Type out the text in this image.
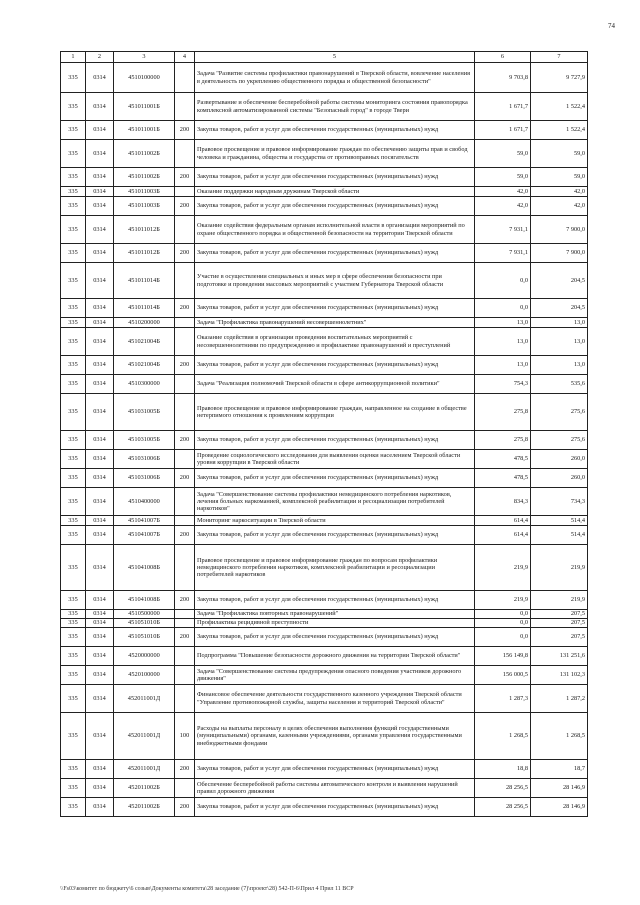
74
1	2	3	4	5	6	7
335	0314	4510100000		Задача "Развитие системы профилактики правонарушений в Тверской области, вовлечение населения в деятельность по укреплению общественного порядка и общественной безопасности"	9 703,8	9 727,9
335	0314	451011001Б		Развертывание и обеспечение бесперебойной работы системы мониторинга состояния правопорядка комплексной автоматизированной системы "Безопасный город" в городе Твери	1 671,7	1 522,4
335	0314	451011001Б	200	Закупка товаров, работ и услуг для обеспечения государственных (муниципальных) нужд	1 671,7	1 522,4
335	0314	451011002Б		Правовое просвещение и правовое информирование граждан по обеспечению защиты прав и свобод человека и гражданина, общества и государства от противоправных посягательств	59,0	59,0
335	0314	451011002Б	200	Закупка товаров, работ и услуг для обеспечения государственных (муниципальных) нужд	59,0	59,0
335	0314	451011003Б		Оказание поддержки народным дружинам Тверской области	42,0	42,0
335	0314	451011003Б	200	Закупка товаров, работ и услуг для обеспечения государственных (муниципальных) нужд	42,0	42,0
335	0314	451011012Б		Оказание содействия федеральным органам исполнительной власти в организации мероприятий по охране общественного порядка и общественной безопасности на территории Тверской области	7 931,1	7 900,0
335	0314	451011012Б	200	Закупка товаров, работ и услуг для обеспечения государственных (муниципальных) нужд	7 931,1	7 900,0
335	0314	451011014Б		Участие в осуществлении специальных и иных мер в сфере обеспечения безопасности при подготовке и проведении массовых мероприятий с участием Губернатора Тверской области	0,0	204,5
335	0314	451011014Б	200	Закупка товаров, работ и услуг для обеспечения государственных (муниципальных) нужд	0,0	204,5
335	0314	4510200000		Задача "Профилактика правонарушений несовершеннолетних"	13,0	13,0
335	0314	451021004Б		Оказание содействия в организации проведения воспитательных мероприятий с несовершеннолетними по предупреждению и профилактике правонарушений и преступлений	13,0	13,0
335	0314	451021004Б	200	Закупка товаров, работ и услуг для обеспечения государственных (муниципальных) нужд	13,0	13,0
335	0314	4510300000		Задача "Реализация полномочий Тверской области в сфере антикоррупционной политики"	754,3	535,6
335	0314	451031005Б		Правовое просвещение и правовое информирование граждан, направленное на создание в обществе нетерпимого отношения к проявлениям коррупции	275,8	275,6
335	0314	451031005Б	200	Закупка товаров, работ и услуг для обеспечения государственных (муниципальных) нужд	275,8	275,6
335	0314	451031006Б		Проведение социологического исследования для выявления оценки населением Тверской области уровня коррупции в Тверской области	478,5	260,0
335	0314	451031006Б	200	Закупка товаров, работ и услуг для обеспечения государственных (муниципальных) нужд	478,5	260,0
335	0314	4510400000		Задача "Совершенствование системы профилактики немедицинского потребления наркотиков, лечения больных наркоманией, комплексной реабилитации и ресоциализации потребителей наркотиков"	834,3	734,3
335	0314	451041007Б		Мониторинг наркоситуации в Тверской области	614,4	514,4
335	0314	451041007Б	200	Закупка товаров, работ и услуг для обеспечения государственных (муниципальных) нужд	614,4	514,4
335	0314	451041008Б		Правовое просвещение и правовое информирование граждан по вопросам профилактики немедицинского потребления наркотиков, комплексной реабилитации и ресоциализации потребителей наркотиков	219,9	219,9
335	0314	451041008Б	200	Закупка товаров, работ и услуг для обеспечения государственных (муниципальных) нужд	219,9	219,9
335	0314	4510500000		Задача "Профилактика повторных правонарушений"	0,0	207,5
335	0314	451051010Б		Профилактика рецидивной преступности	0,0	207,5
335	0314	451051010Б	200	Закупка товаров, работ и услуг для обеспечения государственных (муниципальных) нужд	0,0	207,5
335	0314	4520000000		Подпрограмма "Повышение безопасности дорожного движения на территории Тверской области"	156 149,8	131 251,6
335	0314	4520100000		Задача "Совершенствование системы предупреждения опасного поведения участников дорожного движения"	156 000,5	131 102,3
335	0314	452011001Д		Финансовое обеспечение деятельности государственного казенного учреждения Тверской области "Управление противопожарной службы, защиты населения и территорий Тверской области"	1 287,3	1 287,2
335	0314	452011001Д	100	Расходы на выплаты персоналу в целях обеспечения выполнения функций государственными (муниципальными) органами, казенными учреждениями, органами управления государственными внебюджетными фондами	1 268,5	1 268,5
335	0314	452011001Д	200	Закупка товаров, работ и услуг для обеспечения государственных (муниципальных) нужд	18,8	18,7
335	0314	452011002Б		Обеспечение бесперебойной работы системы автоматического контроля и выявления нарушений правил дорожного движения	28 256,5	28 146,9
335	0314	452011002Б	200	Закупка товаров, работ и услуг для обеспечения государственных (муниципальных) нужд	28 256,5	28 146,9
\\Fs03\комитет по бюджету\6 созыв\Документы комитета\28 заседание (7)\проект\28) 542-П-6\Прил 4 Прил 11 ВСР
